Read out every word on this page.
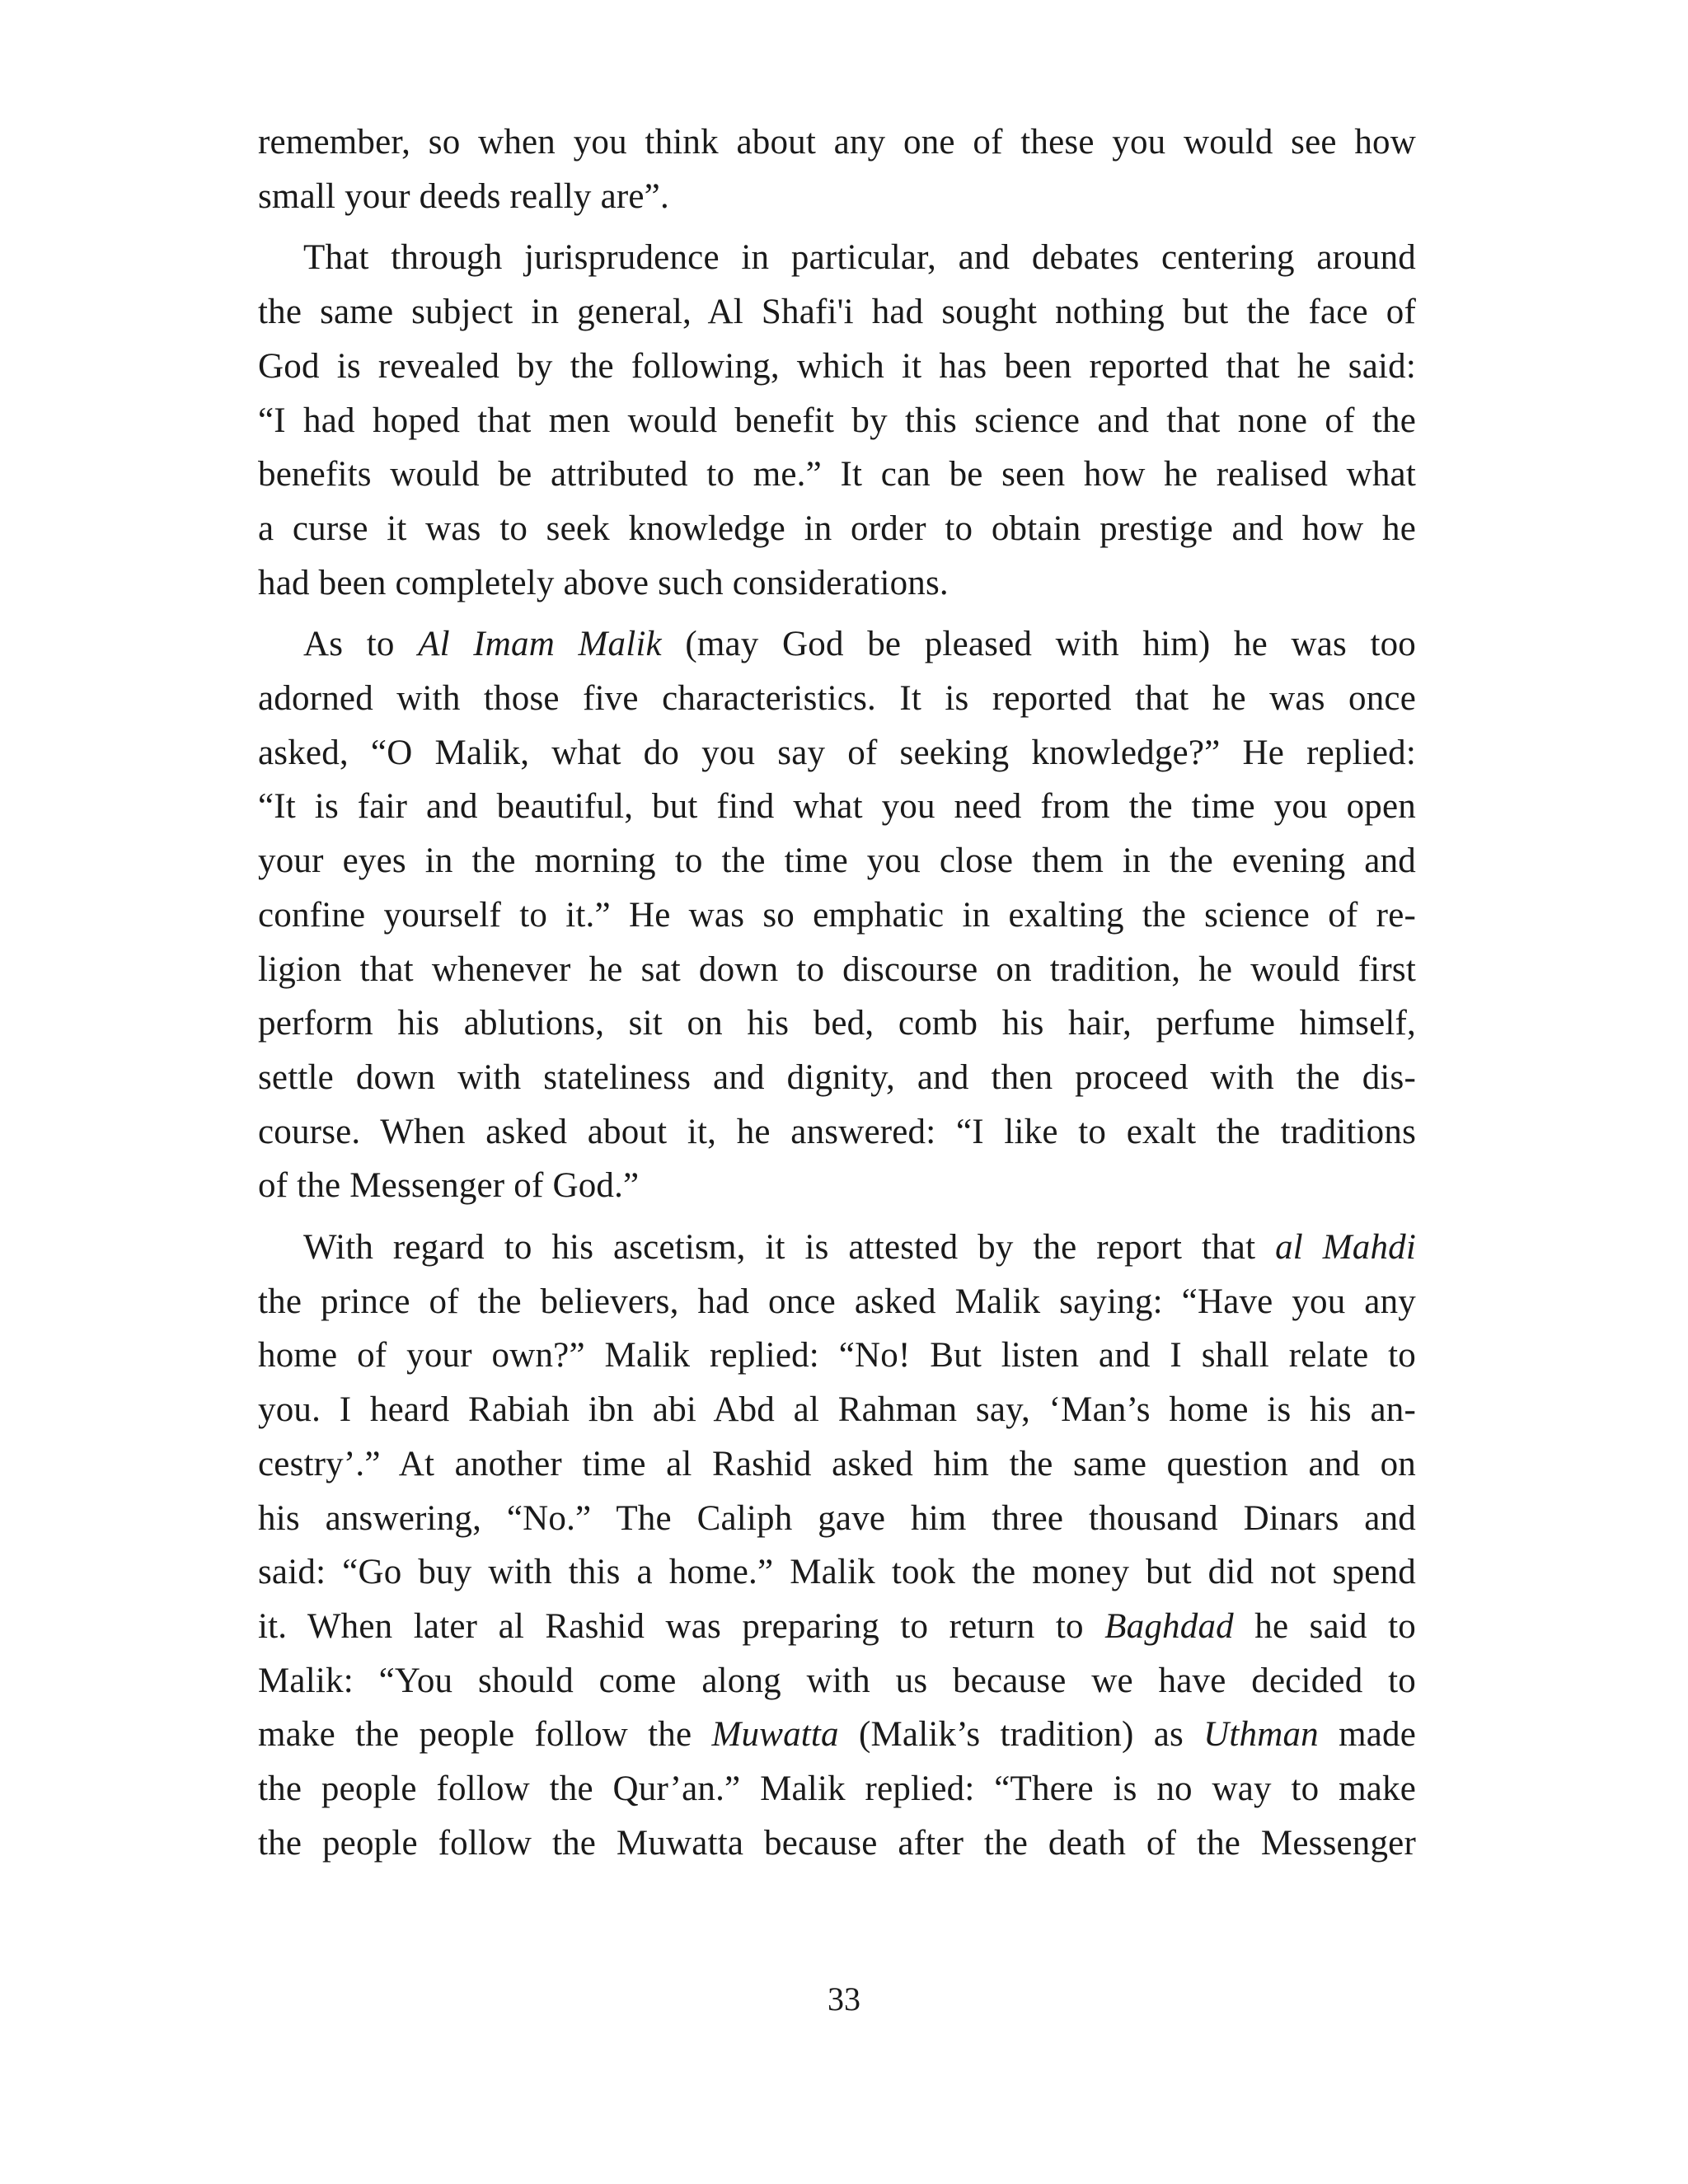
remember, so when you think about any one of these you would see how
small your deeds really are”.

That through jurisprudence in particular, and debates centering around
the same subject in general, Al Shafi'i had sought nothing but the face of
God is revealed by the following, which it has been reported that he said:
“I had hoped that men would benefit by this science and that none of the
benefits would be attributed to me.” It can be seen how he realised what
a curse it was to seek knowledge in order to obtain prestige and how he
had been completely above such considerations.

As to Al Imam Malik (may God be pleased with him) he was too
adorned with those five characteristics. It is reported that he was once
asked, “O Malik, what do you say of seeking knowledge?” He replied:
“It is fair and beautiful, but find what you need from the time you open
your eyes in the morning to the time you close them in the evening and
confine yourself to it.” He was so emphatic in exalting the science of re-
ligion that whenever he sat down to discourse on tradition, he would first
perform his ablutions, sit on his bed, comb his hair, perfume himself,
settle down with stateliness and dignity, and then proceed with the dis-
course. When asked about it, he answered: “I like to exalt the traditions
of the Messenger of God.”

With regard to his ascetism, it is attested by the report that al Mahdi
the prince of the believers, had once asked Malik saying: “Have you any
home of your own?” Malik replied: “No! But listen and I shall relate to
you. I heard Rabiah ibn abi Abd al Rahman say, ‘Man’s home is his an-
cestry’.” At another time al Rashid asked him the same question and on
his answering, “No.” The Caliph gave him three thousand Dinars and
said: “Go buy with this a home.” Malik took the money but did not spend
it. When later al Rashid was preparing to return to Baghdad he said to
Malik: “You should come along with us because we have decided to
make the people follow the Muwatta (Malik’s tradition) as Uthman made
the people follow the Qur’an.” Malik replied: “There is no way to make
the people follow the Muwatta because after the death of the Messenger

33
